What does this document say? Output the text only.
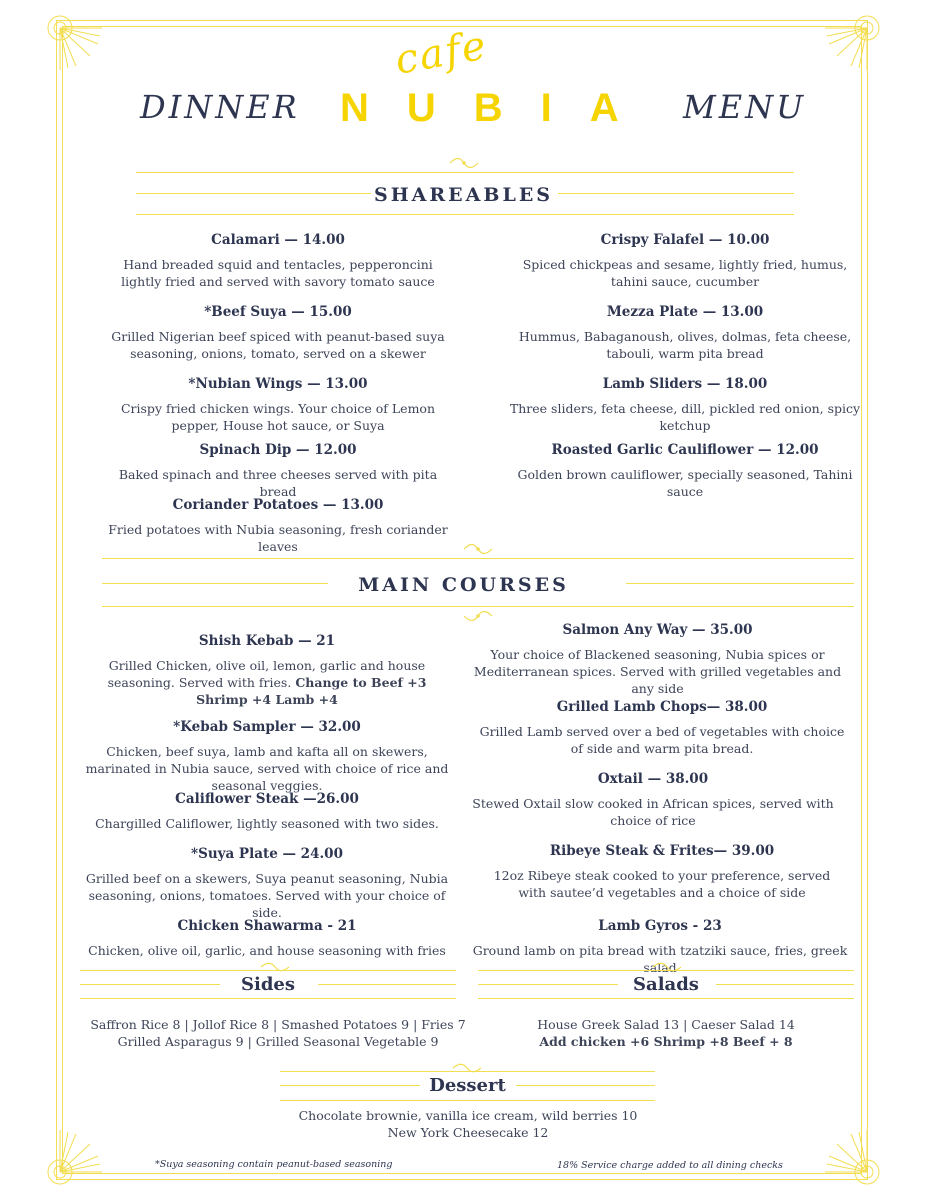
DINNER
cafe
NUBIA MENU
SHAREABLES
Calamari — 14.00
Hand breaded squid and tentacles, pepperoncini lightly fried and served with savory tomato sauce
*Beef Suya — 15.00
Grilled Nigerian beef spiced with peanut-based suya seasoning, onions, tomato, served on a skewer
*Nubian Wings — 13.00
Crispy fried chicken wings. Your choice of Lemon pepper, House hot sauce, or Suya
Spinach Dip — 12.00
Baked spinach and three cheeses served with pita bread
Coriander Potatoes — 13.00
Fried potatoes with Nubia seasoning, fresh coriander leaves
Crispy Falafel — 10.00
Spiced chickpeas and sesame, lightly fried, humus, tahini sauce, cucumber
Mezza Plate — 13.00
Hummus, Babaganoush, olives, dolmas, feta cheese, tabouli, warm pita bread
Lamb Sliders — 18.00
Three sliders, feta cheese, dill, pickled red onion, spicy ketchup
Roasted Garlic Cauliflower — 12.00
Golden brown cauliflower, specially seasoned, Tahini sauce
MAIN COURSES
Shish Kebab — 21
Grilled Chicken, olive oil, lemon, garlic and house seasoning. Served with fries. Change to Beef +3 Shrimp +4 Lamb +4
*Kebab Sampler — 32.00
Chicken, beef suya, lamb and kafta all on skewers, marinated in Nubia sauce, served with choice of rice and seasonal veggies.
Califlower Steak —26.00
Chargilled Califlower, lightly seasoned with two sides.
*Suya Plate — 24.00
Grilled beef on a skewers, Suya peanut seasoning, Nubia seasoning, onions, tomatoes. Served with your choice of side.
Chicken Shawarma - 21
Chicken, olive oil, garlic, and house seasoning with fries
Salmon Any Way — 35.00
Your choice of Blackened seasoning, Nubia spices or Mediterranean spices. Served with grilled vegetables and any side
Grilled Lamb Chops— 38.00
Grilled Lamb served over a bed of vegetables with choice of side and warm pita bread.
Oxtail — 38.00
Stewed Oxtail slow cooked in African spices, served with choice of rice
Ribeye Steak & Frites— 39.00
12oz Ribeye steak cooked to your preference, served with sautee’d vegetables and a choice of side
Lamb Gyros - 23
Ground lamb on pita bread with tzatziki sauce, fries, greek salad
Sides
Saffron Rice 8 | Jollof Rice 8 | Smashed Potatoes 9 | Fries 7
Grilled Asparagus 9 | Grilled Seasonal Vegetable 9
Salads
House Greek Salad 13 | Caeser Salad 14
Add chicken +6 Shrimp +8 Beef + 8
Dessert
Chocolate brownie, vanilla ice cream, wild berries 10
New York Cheesecake 12
*Suya seasoning contain peanut-based seasoning	18% Service charge added to all dining checks
